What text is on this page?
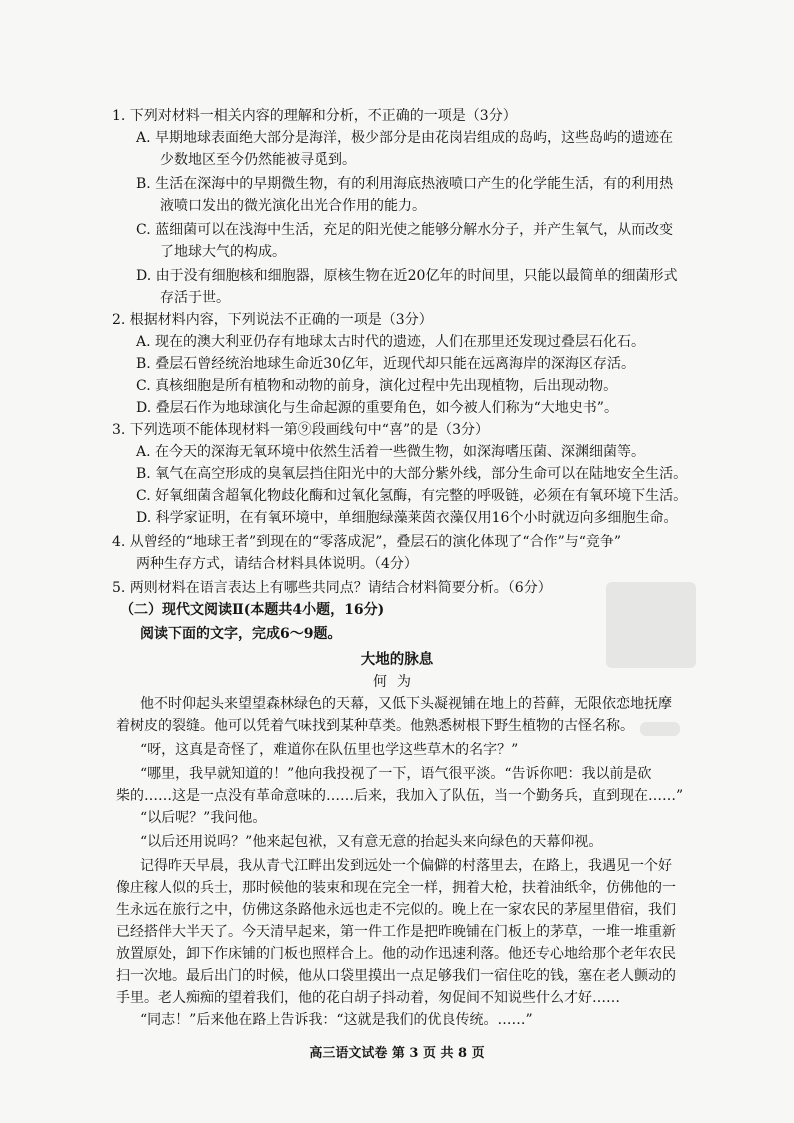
1. 下列对材料一相关内容的理解和分析，不正确的一项是（3分）
A. 早期地球表面绝大部分是海洋，极少部分是由花岗岩组成的岛屿，这些岛屿的遗迹在
少数地区至今仍然能被寻觅到。
B. 生活在深海中的早期微生物，有的利用海底热液喷口产生的化学能生活，有的利用热
液喷口发出的微光演化出光合作用的能力。
C. 蓝细菌可以在浅海中生活，充足的阳光使之能够分解水分子，并产生氧气，从而改变
了地球大气的构成。
D. 由于没有细胞核和细胞器，原核生物在近20亿年的时间里，只能以最简单的细菌形式
存活于世。
2. 根据材料内容，下列说法不正确的一项是（3分）
A. 现在的澳大利亚仍存有地球太古时代的遗迹，人们在那里还发现过叠层石化石。
B. 叠层石曾经统治地球生命近30亿年，近现代却只能在远离海岸的深海区存活。
C. 真核细胞是所有植物和动物的前身，演化过程中先出现植物，后出现动物。
D. 叠层石作为地球演化与生命起源的重要角色，如今被人们称为“大地史书”。
3. 下列选项不能体现材料一第⑨段画线句中“喜”的是（3分）
A. 在今天的深海无氧环境中依然生活着一些微生物，如深海嗜压菌、深渊细菌等。
B. 氧气在高空形成的臭氧层挡住阳光中的大部分紫外线，部分生命可以在陆地安全生活。
C. 好氧细菌含超氧化物歧化酶和过氧化氢酶，有完整的呼吸链，必须在有氧环境下生活。
D. 科学家证明，在有氧环境中，单细胞绿藻莱茵衣藻仅用16个小时就迈向多细胞生命。
4. 从曾经的“地球王者”到现在的“零落成泥”，叠层石的演化体现了“合作”与“竞争”
两种生存方式，请结合材料具体说明。（4分）
5. 两则材料在语言表达上有哪些共同点？请结合材料简要分析。（6分）
（二）现代文阅读Ⅱ(本题共4小题，16分)
阅读下面的文字，完成6～9题。
大地的脉息
何为
他不时仰起头来望望森林绿色的天幕，又低下头凝视铺在地上的苔藓，无限依恋地抚摩
着树皮的裂缝。他可以凭着气味找到某种草类。他熟悉树根下野生植物的古怪名称。
“呀，这真是奇怪了，难道你在队伍里也学这些草木的名字？”
“哪里，我早就知道的！”他向我投视了一下，语气很平淡。“告诉你吧：我以前是砍
柴的……这是一点没有革命意味的……后来，我加入了队伍，当一个勤务兵，直到现在……”
“以后呢？”我问他。
“以后还用说吗？”他来起包袱，又有意无意的抬起头来向绿色的天幕仰视。
记得昨天早晨，我从青弋江畔出发到远处一个偏僻的村落里去，在路上，我遇见一个好
像庄稼人似的兵士，那时候他的装束和现在完全一样，拥着大枪，扶着油纸伞，仿佛他的一
生永远在旅行之中，仿佛这条路他永远也走不完似的。晚上在一家农民的茅屋里借宿，我们
已经搭伴大半天了。今天清早起来，第一件工作是把昨晚铺在门板上的茅草，一堆一堆重新
放置原处，卸下作床铺的门板也照样合上。他的动作迅速利落。他还专心地给那个老年农民
扫一次地。最后出门的时候，他从口袋里摸出一点足够我们一宿住吃的钱，塞在老人颤动的
手里。老人痴痴的望着我们，他的花白胡子抖动着，匆促间不知说些什么才好……
“同志！”后来他在路上告诉我：“这就是我们的优良传统。……”
高三语文试卷 第 3 页 共 8 页
